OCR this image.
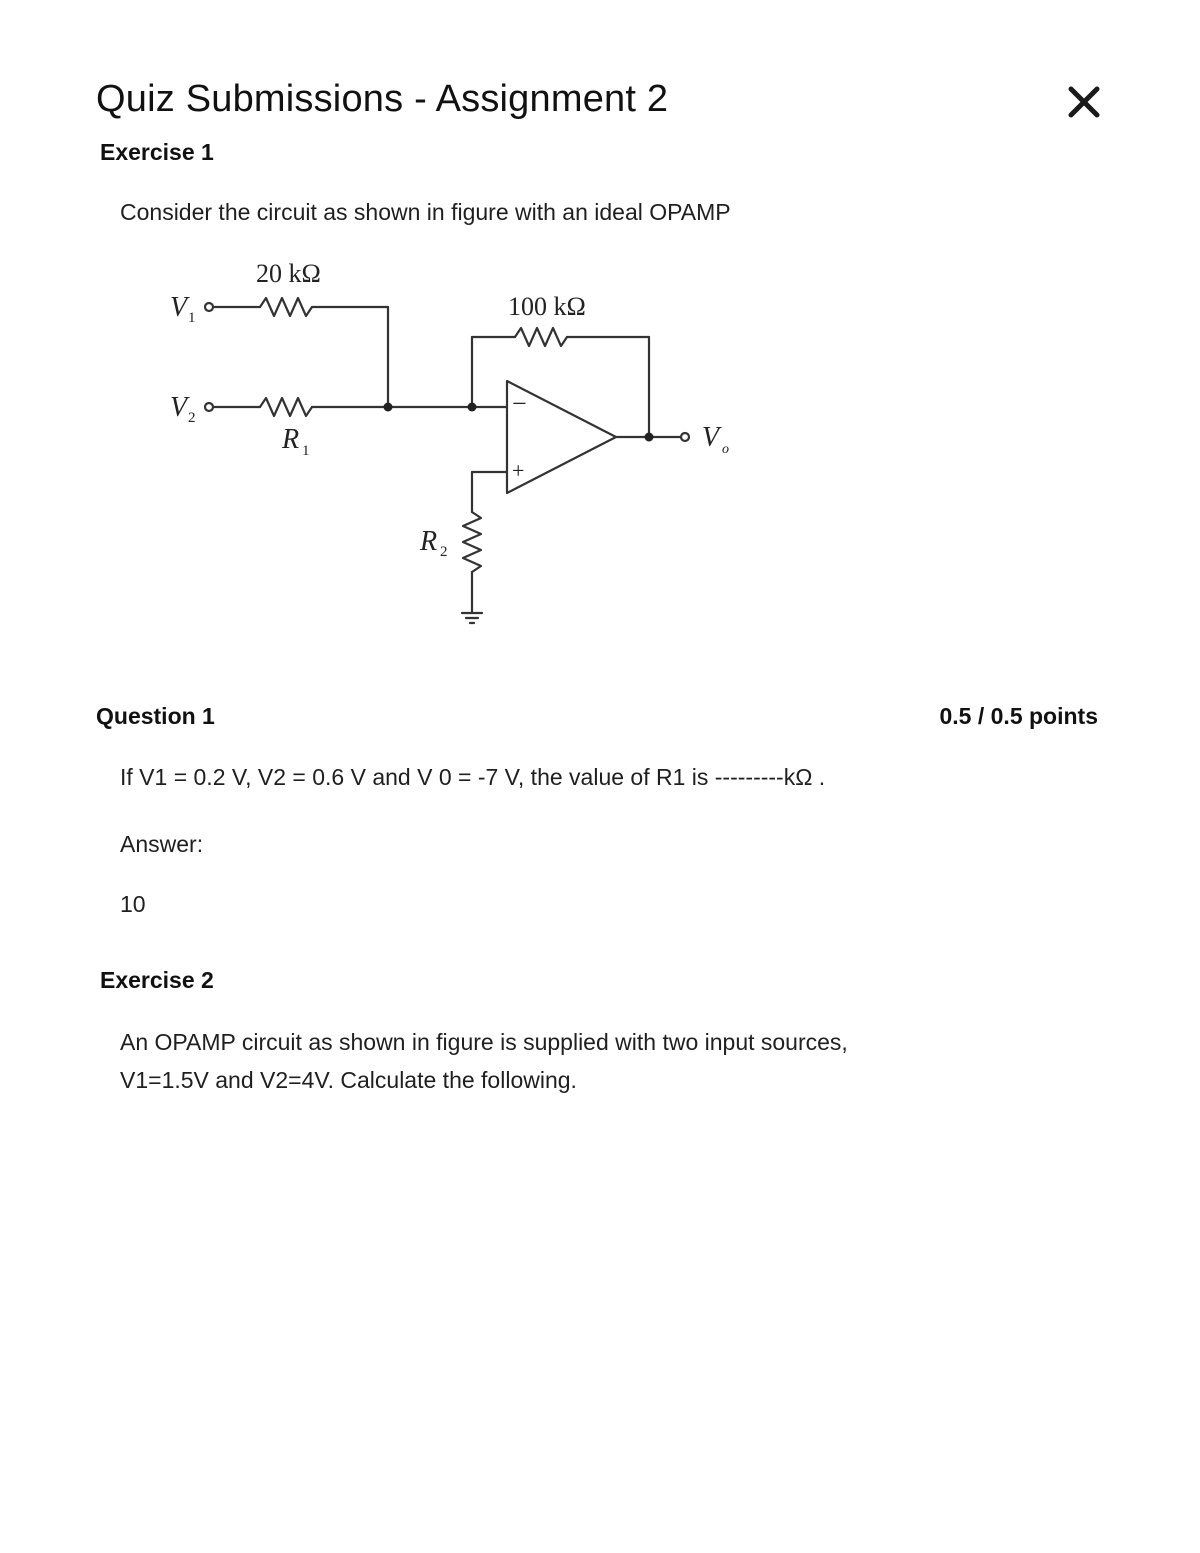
Quiz Submissions - Assignment 2
Exercise 1

Consider the circuit as shown in figure with an ideal OPAMP

20 kΩ
100 kΩ
V 1
V 2
R 1
R 2
V o
−
+
Question 1	0.5 / 0.5 points

If V1 = 0.2 V, V2 = 0.6 V and V 0 = -7 V, the value of R1 is ---------kΩ .

Answer:

10

Exercise 2

An OPAMP circuit as shown in figure is supplied with two input sources,

V1=1.5V and V2=4V. Calculate the following.
